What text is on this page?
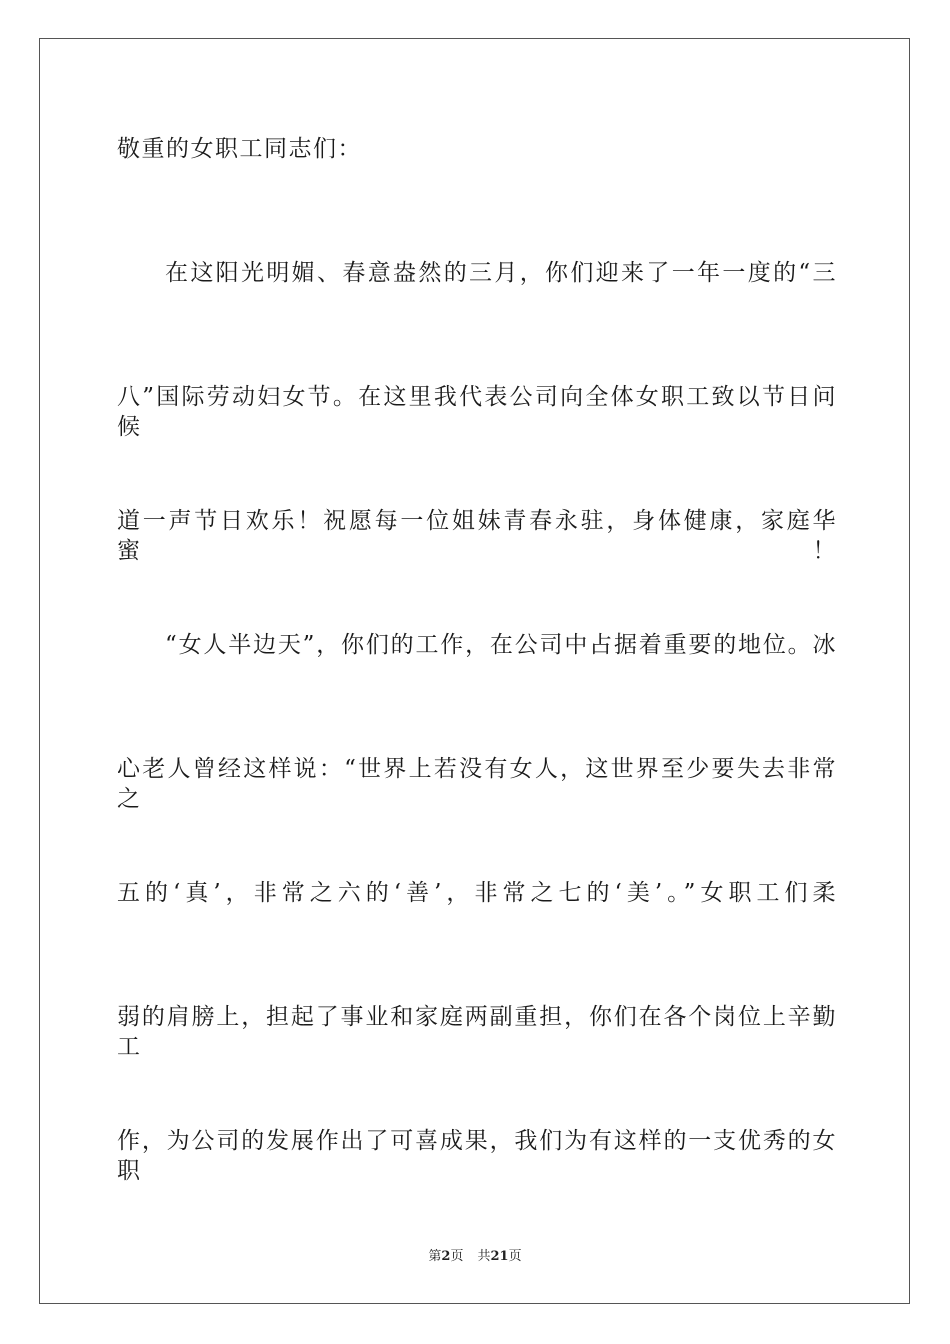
敬重的女职工同志们：
在这阳光明媚、春意盎然的三月，你们迎来了一年一度的“三
八”国际劳动妇女节。在这里我代表公司向全体女职工致以节日问候
道一声节日欢乐！祝愿每一位姐妹青春永驻，身体健康，家庭华蜜！
“女人半边天”，你们的工作，在公司中占据着重要的地位。冰
心老人曾经这样说：“世界上若没有女人，这世界至少要失去非常之
五的‘真’，非常之六的‘善’，非常之七的‘美’。”女职工们柔
弱的肩膀上，担起了事业和家庭两副重担，你们在各个岗位上辛勤工
作，为公司的发展作出了可喜成果，我们为有这样的一支优秀的女职
第2页 共21页
